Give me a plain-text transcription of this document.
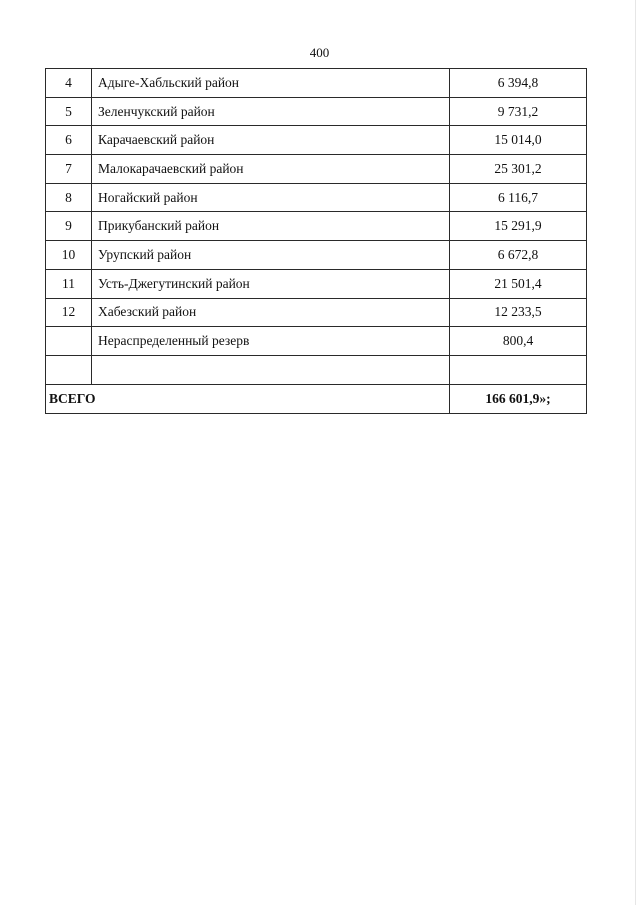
400
4	Адыге-Хабльский район	6 394,8
5	Зеленчукский район	9 731,2
6	Карачаевский район	15 014,0
7	Малокарачаевский район	25 301,2
8	Ногайский район	6 116,7
9	Прикубанский район	15 291,9
10	Урупский район	6 672,8
11	Усть-Джегутинский район	21 501,4
12	Хабезский район	12 233,5
	Нераспределенный резерв	800,4

ВСЕГО		166 601,9»;
